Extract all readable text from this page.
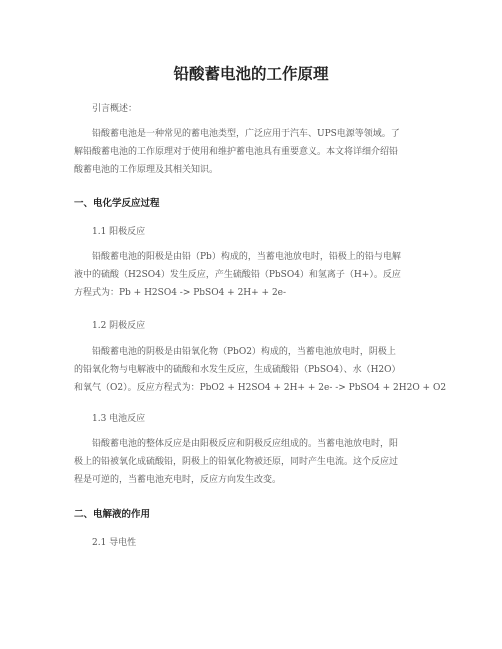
铅酸蓄电池的工作原理
引言概述：
铅酸蓄电池是一种常见的蓄电池类型，广泛应用于汽车、UPS电源等领域。了
解铅酸蓄电池的工作原理对于使用和维护蓄电池具有重要意义。本文将详细介绍铅
酸蓄电池的工作原理及其相关知识。
一、电化学反应过程
1.1 阳极反应
铅酸蓄电池的阳极是由铅（Pb）构成的，当蓄电池放电时，铅极上的铅与电解
液中的硫酸（H2SO4）发生反应，产生硫酸铅（PbSO4）和氢离子（H+）。反应
方程式为：Pb + H2SO4 -> PbSO4 + 2H+ + 2e-
1.2 阴极反应
铅酸蓄电池的阴极是由铅氧化物（PbO2）构成的，当蓄电池放电时，阴极上
的铅氧化物与电解液中的硫酸和水发生反应，生成硫酸铅（PbSO4）、水（H2O）
和氧气（O2）。反应方程式为：PbO2 + H2SO4 + 2H+ + 2e- -> PbSO4 + 2H2O + O2
1.3 电池反应
铅酸蓄电池的整体反应是由阳极反应和阴极反应组成的。当蓄电池放电时，阳
极上的铅被氧化成硫酸铅，阴极上的铅氧化物被还原，同时产生电流。这个反应过
程是可逆的，当蓄电池充电时，反应方向发生改变。
二、电解液的作用
2.1 导电性
